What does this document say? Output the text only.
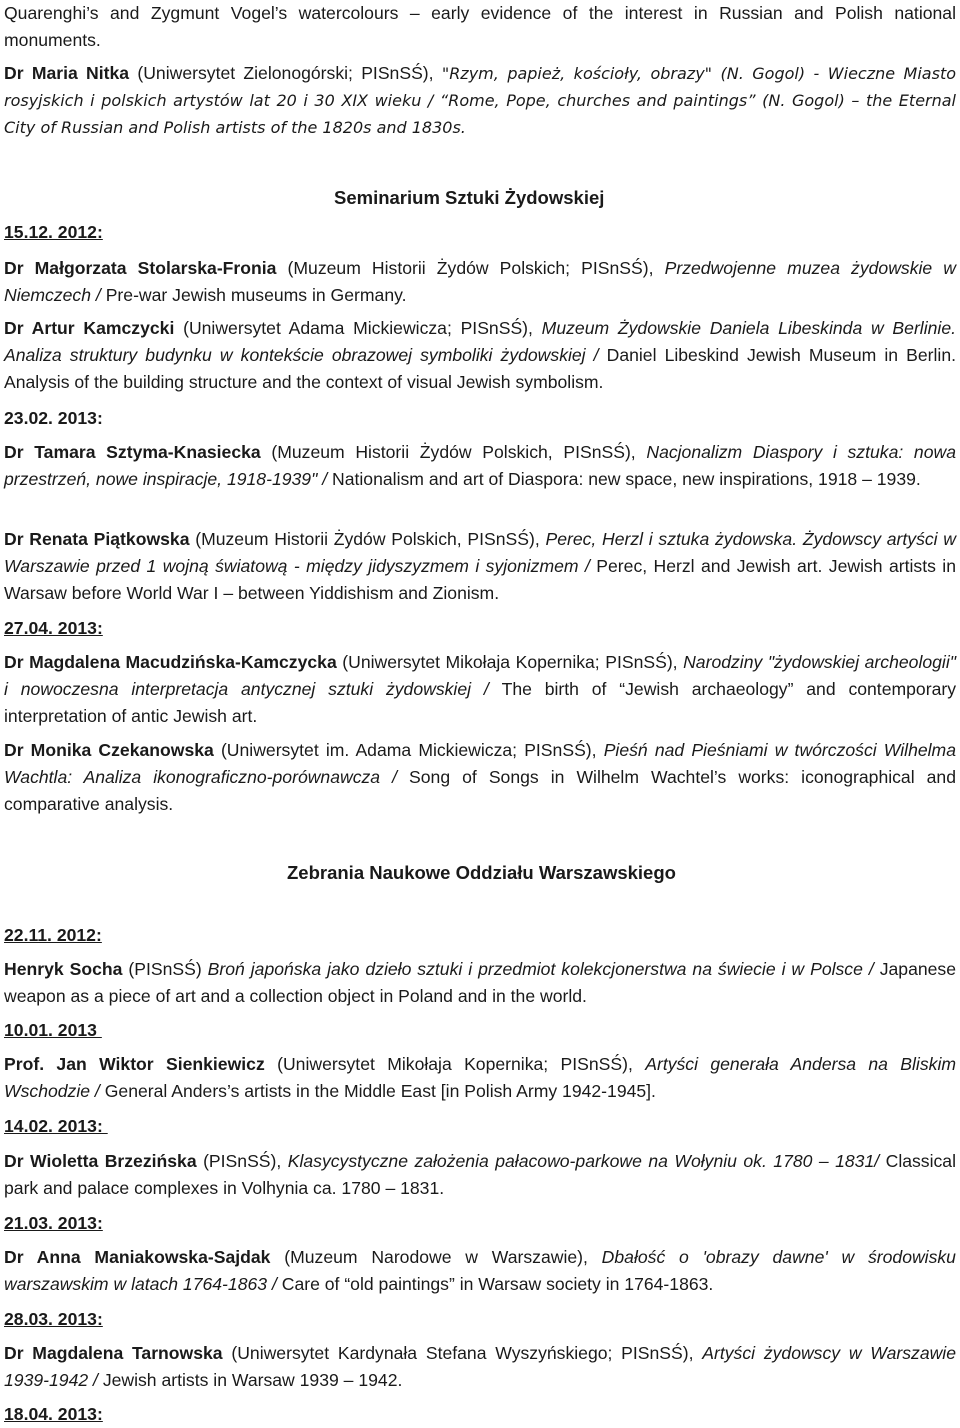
Quarenghi’s and Zygmunt Vogel’s watercolours – early evidence of the interest in Russian and Polish national monuments.
Dr Maria Nitka (Uniwersytet Zielonogórski; PISnSŚ), "Rzym, papież, kościoły, obrazy" (N. Gogol) - Wieczne Miasto rosyjskich i polskich artystów lat 20 i 30 XIX wieku / “Rome, Pope, churches and paintings” (N. Gogol) – the Eternal City of Russian and Polish artists of the 1820s and 1830s.
Seminarium Sztuki Żydowskiej
15.12. 2012:
Dr Małgorzata Stolarska-Fronia (Muzeum Historii Żydów Polskich; PISnSŚ), Przedwojenne muzea żydowskie w Niemczech / Pre-war Jewish museums in Germany.
Dr Artur Kamczycki (Uniwersytet Adama Mickiewicza; PISnSŚ), Muzeum Żydowskie Daniela Libeskinda w Berlinie. Analiza struktury budynku w kontekście obrazowej symboliki żydowskiej / Daniel Libeskind Jewish Museum in Berlin. Analysis of the building structure and the context of visual Jewish symbolism.
23.02. 2013:
Dr Tamara Sztyma-Knasiecka (Muzeum Historii Żydów Polskich, PISnSŚ), Nacjonalizm Diaspory i sztuka: nowa przestrzeń, nowe inspiracje, 1918-1939" / Nationalism and art of Diaspora: new space, new inspirations, 1918 – 1939.
Dr Renata Piątkowska (Muzeum Historii Żydów Polskich, PISnSŚ), Perec, Herzl i sztuka żydowska. Żydowscy artyści w Warszawie przed 1 wojną światową - między jidyszyzmem i syjonizmem / Perec, Herzl and Jewish art. Jewish artists in Warsaw before World War I – between Yiddishism and Zionism.
27.04. 2013:
Dr Magdalena Macudzińska-Kamczycka (Uniwersytet Mikołaja Kopernika; PISnSŚ), Narodziny "żydowskiej archeologii" i nowoczesna interpretacja antycznej sztuki żydowskiej / The birth of “Jewish archaeology” and contemporary interpretation of antic Jewish art.
Dr Monika Czekanowska (Uniwersytet im. Adama Mickiewicza; PISnSŚ), Pieśń nad Pieśniami w twórczości Wilhelma Wachtla: Analiza ikonograficzno-porównawcza / Song of Songs in Wilhelm Wachtel’s works: iconographical and comparative analysis.
Zebrania Naukowe Oddziału Warszawskiego
22.11. 2012:
Henryk Socha (PISnSŚ) Broń japońska jako dzieło sztuki i przedmiot kolekcjonerstwa na świecie i w Polsce / Japanese weapon as a piece of art and a collection object in Poland and in the world.
10.01. 2013
Prof. Jan Wiktor Sienkiewicz (Uniwersytet Mikołaja Kopernika; PISnSŚ), Artyści generała Andersa na Bliskim Wschodzie / General Anders’s artists in the Middle East [in Polish Army 1942-1945].
14.02. 2013:
Dr Wioletta Brzezińska (PISnSŚ), Klasycystyczne założenia pałacowo-parkowe na Wołyniu ok. 1780 – 1831/ Classical park and palace complexes in Volhynia ca. 1780 – 1831.
21.03. 2013:
Dr Anna Maniakowska-Sajdak (Muzeum Narodowe w Warszawie), Dbałość o 'obrazy dawne' w środowisku warszawskim w latach 1764-1863 / Care of “old paintings” in Warsaw society in 1764-1863.
28.03. 2013:
Dr Magdalena Tarnowska (Uniwersytet Kardynała Stefana Wyszyńskiego; PISnSŚ), Artyści żydowscy w Warszawie 1939-1942 / Jewish artists in Warsaw 1939 – 1942.
18.04. 2013:
